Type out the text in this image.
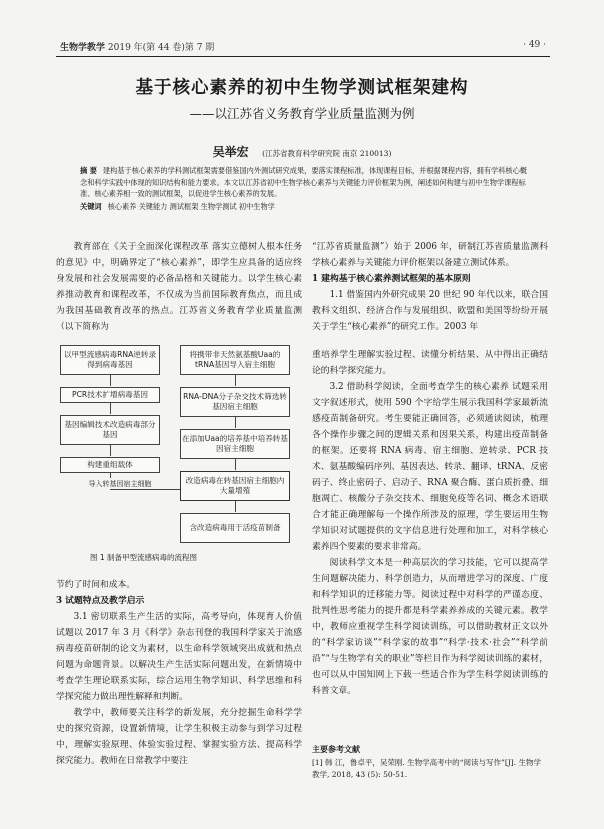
生物学教学 2019 年(第 44 卷)第 7 期	· 49 ·
基于核心素养的初中生物学测试框架建构
——以江苏省义务教育学业质量监测为例
吴举宏 (江苏省教育科学研究院 南京 210013)
摘 要 建构基于核心素养的学科测试框架需要借鉴国内外测试研究成果，要落实课程标准，体现课程目标，并根据课程内容，拥有学科核心概念和科学实践中体现的知识结构和能力要求。本文以江苏省初中生物学核心素养与关键能力评价框架为例，阐述如何构建与初中生物学课程标准、核心素养相一致的测试框架，以促进学生核心素养的发展。
关键词 核心素养 关键能力 测试框架 生物学测试 初中生物学

教育部在《关于全面深化课程改革 落实立德树人根本任务的意见》中，明确界定了“核心素养”，即学生应具备的适应终身发展和社会发展需要的必备品格和关键能力。以学生核心素养推动教育和课程改革，不仅成为当前国际教育焦点，而且成为我国基础教育改革的热点。江苏省义务教育学业质量监测（以下简称为

以甲型流感病毒RNA逆转录得到病毒基因
PCR技术扩增病毒基因
基因编辑技术改造病毒部分基因
构建重组载体
导入转基因宿主细胞
将携带非天然氨基酸Uaa的tRNA基因导入宿主细胞
RNA-DNA分子杂交技术筛选转基因宿主细胞
在添加Uaa的培养基中培养转基因宿主细胞
改造病毒在转基因宿主细胞内大量增殖
含改造病毒用于活疫苗制备
图 1 制备甲型流感病毒的流程图

节约了时间和成本。

3 试题特点及教学启示

3.1 密切联系生产生活的实际，高考导向，体现育人价值 试题以 2017 年 3 月《科学》杂志刊登的我国科学家关于流感病毒疫苗研制的论文为素材，以生命科学领域突出成就和热点问题为命题背景。以解决生产生活实际问题出发，在新情境中考查学生理论联系实际，综合运用生物学知识、科学思维和科学探究能力做出理性解释和判断。

教学中，教师要关注科学的新发展，充分挖掘生命科学学史的探究资源，设置新情境，让学生积极主动参与到学习过程中，理解实验原理、体验实验过程、掌握实验方法、提高科学探究能力。教师在日常教学中要注

“江苏省质量监测”）始于 2006 年，研制江苏省质量监测科学核心素养与关键能力评价框架以备建立测试体系。

1 建构基于核心素养测试框架的基本原则

1.1 借鉴国内外研究成果 20 世纪 90 年代以来，联合国教科文组织、经济合作与发展组织、欧盟和美国等纷纷开展关于学生“核心素养”的研究工作。2003 年

重培养学生理解实验过程、读懂分析结果、从中得出正确结论的科学探究能力。

3.2 借助科学阅读，全面考查学生的核心素养 试题采用文字叙述形式，使用 590 个字给学生展示我国科学家最新流感疫苗制备研究。考生要能正确回答，必须通读阅读，梳理各个操作步骤之间的逻辑关系和因果关系，构建出疫苗制备的框架。还要将 RNA 病毒、宿主细胞、逆转录、PCR 技术、氨基酸编码序列、基因表达、转录、翻译、tRNA、反密码子、终止密码子、启动子、RNA 聚合酶、蛋白质折叠、细胞凋亡、核酸分子杂交技术、细胞免疫等名词、概念术语联合才能正确理解每一个操作所涉及的原理，学生要运用生物学知识对试题提供的文字信息进行处理和加工，对科学核心素养四个要素的要求非常高。

阅读科学文本是一种高层次的学习技能，它可以提高学生问题解决能力、科学创造力，从而增进学习的深度、广度和科学知识的迁移能力等。阅读过程中对科学的严谨态度、批判性思考能力的提升都是科学素养养成的关键元素。教学中，教师应重视学生科学阅读训练，可以借助教材正文以外的“科学家访谈”“科学家的故事”“科学·技术·社会”“科学前沿”“与生物学有关的职业”等栏目作为科学阅读训练的素材，也可以从中国知网上下载一些适合作为学生科学阅读训练的科普文章。

主要参考文献
[1] 韩 江，鲁卓平，吴荣刚. 生物学高考中的“阅读与写作”[J]. 生物学教学, 2018, 43 (5): 50-51.
